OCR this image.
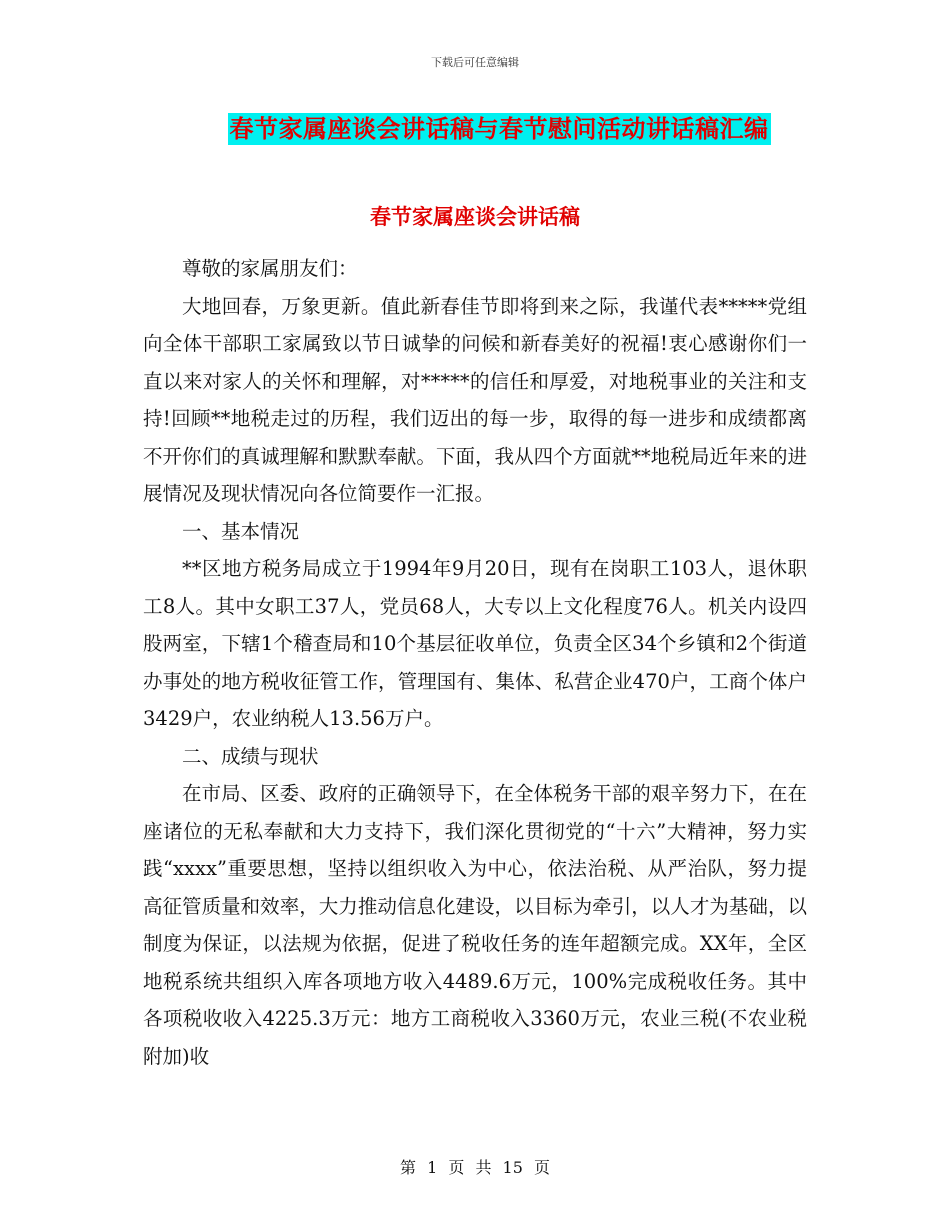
下载后可任意编辑
春节家属座谈会讲话稿与春节慰问活动讲话稿汇编
春节家属座谈会讲话稿

尊敬的家属朋友们：

大地回春，万象更新。值此新春佳节即将到来之际，我谨代表*****党组向全体干部职工家属致以节日诚挚的问候和新春美好的祝福!衷心感谢你们一直以来对家人的关怀和理解，对*****的信任和厚爱，对地税事业的关注和支持!回顾**地税走过的历程，我们迈出的每一步，取得的每一进步和成绩都离不开你们的真诚理解和默默奉献。下面，我从四个方面就**地税局近年来的进展情况及现状情况向各位简要作一汇报。

一、基本情况

**区地方税务局成立于1994年9月20日，现有在岗职工103人，退休职工8人。其中女职工37人，党员68人，大专以上文化程度76人。机关内设四股两室，下辖1个稽查局和10个基层征收单位，负责全区34个乡镇和2个街道办事处的地方税收征管工作，管理国有、集体、私营企业470户，工商个体户3429户，农业纳税人13.56万户。

二、成绩与现状

在市局、区委、政府的正确领导下，在全体税务干部的艰辛努力下，在在座诸位的无私奉献和大力支持下，我们深化贯彻党的“十六”大精神，努力实践“xxxx”重要思想，坚持以组织收入为中心，依法治税、从严治队，努力提高征管质量和效率，大力推动信息化建设，以目标为牵引，以人才为基础，以制度为保证，以法规为依据，促进了税收任务的连年超额完成。XX年，全区地税系统共组织入库各项地方收入4489.6万元，100%完成税收任务。其中各项税收收入4225.3万元：地方工商税收入3360万元，农业三税(不农业税附加)收

第 1 页 共 15 页
